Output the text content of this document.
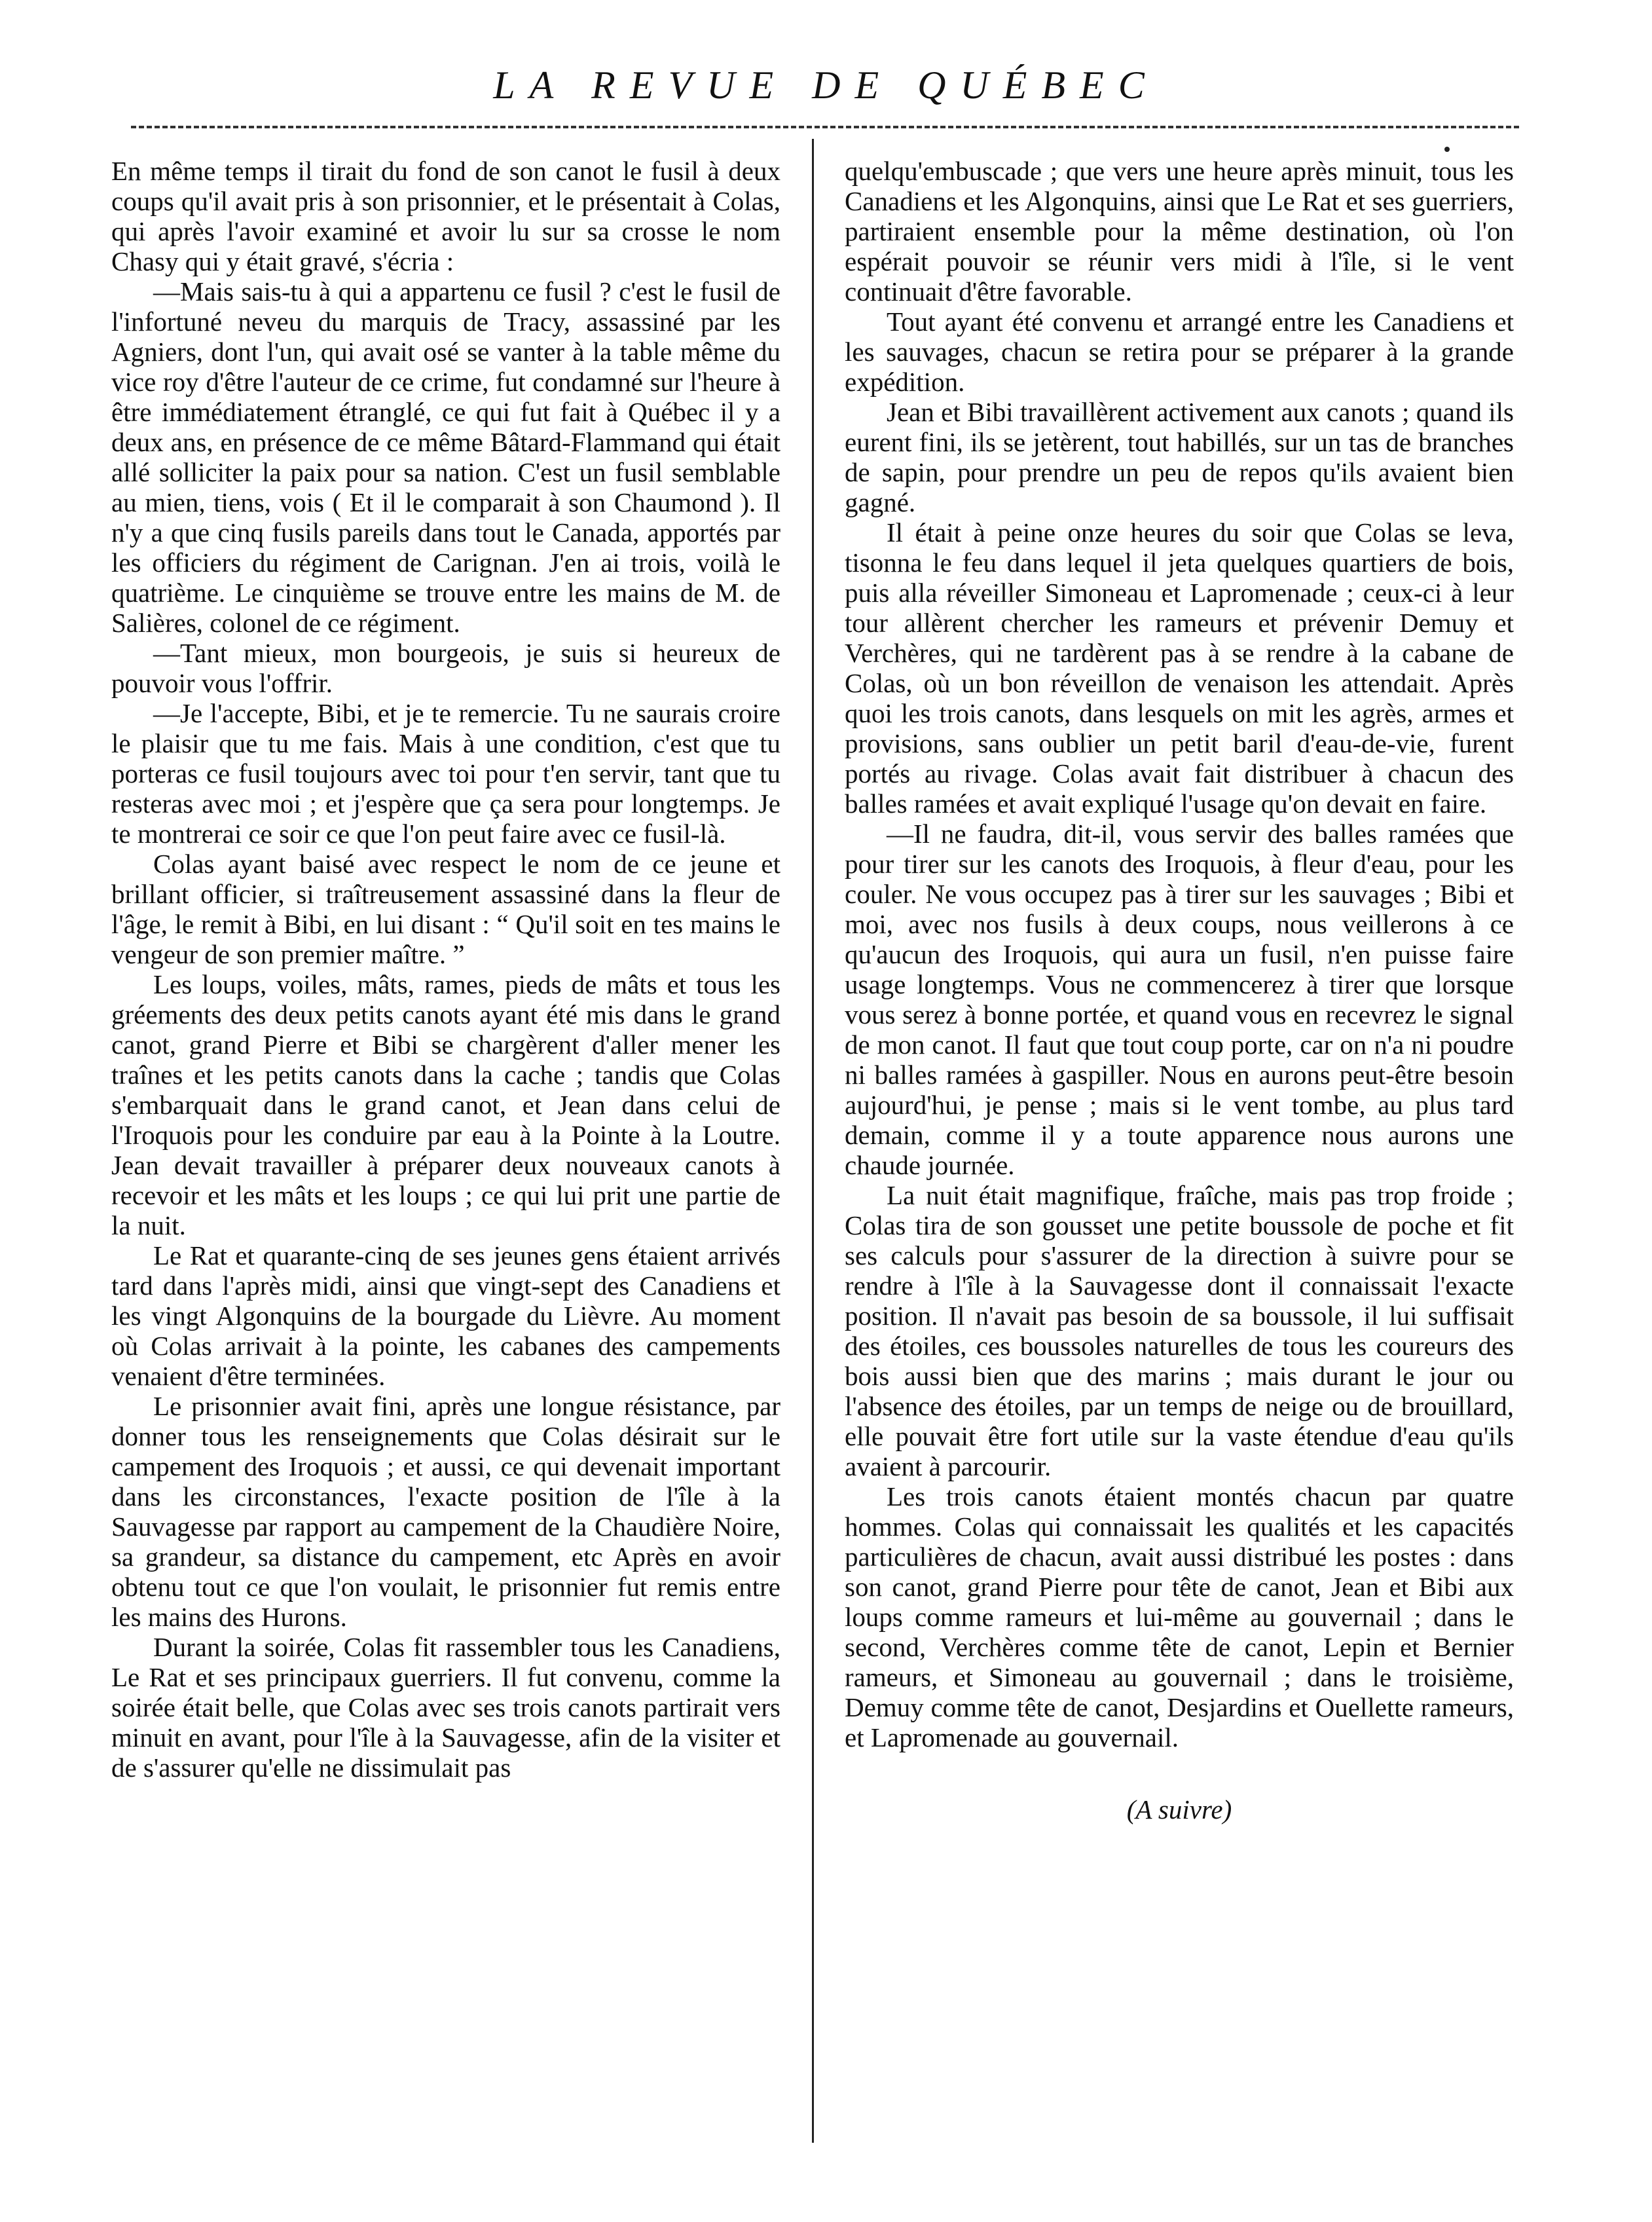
LA REVUE DE QUÉBEC

En même temps il tirait du fond de son canot le fusil à deux coups qu'il avait pris à son prisonnier, et le présentait à Colas, qui après l'avoir examiné et avoir lu sur sa crosse le nom Chasy qui y était gravé, s'écria :

—Mais sais-tu à qui a appartenu ce fusil ? c'est le fusil de l'infortuné neveu du marquis de Tracy, assassiné par les Agniers, dont l'un, qui avait osé se vanter à la table même du vice roy d'être l'auteur de ce crime, fut condamné sur l'heure à être immédiatement étranglé, ce qui fut fait à Québec il y a deux ans, en présence de ce même Bâtard-Flammand qui était allé solliciter la paix pour sa nation. C'est un fusil semblable au mien, tiens, vois ( Et il le comparait à son Chaumond ). Il n'y a que cinq fusils pareils dans tout le Canada, apportés par les officiers du régiment de Carignan. J'en ai trois, voilà le quatrième. Le cinquième se trouve entre les mains de M. de Salières, colonel de ce régiment.

—Tant mieux, mon bourgeois, je suis si heureux de pouvoir vous l'offrir.

—Je l'accepte, Bibi, et je te remercie. Tu ne saurais croire le plaisir que tu me fais. Mais à une condition, c'est que tu porteras ce fusil toujours avec toi pour t'en servir, tant que tu resteras avec moi ; et j'espère que ça sera pour longtemps. Je te montrerai ce soir ce que l'on peut faire avec ce fusil-là.

Colas ayant baisé avec respect le nom de ce jeune et brillant officier, si traîtreusement assassiné dans la fleur de l'âge, le remit à Bibi, en lui disant : “ Qu'il soit en tes mains le vengeur de son premier maître. ”

Les loups, voiles, mâts, rames, pieds de mâts et tous les gréements des deux petits canots ayant été mis dans le grand canot, grand Pierre et Bibi se chargèrent d'aller mener les traînes et les petits canots dans la cache ; tandis que Colas s'embarquait dans le grand canot, et Jean dans celui de l'Iroquois pour les conduire par eau à la Pointe à la Loutre. Jean devait travailler à préparer deux nouveaux canots à recevoir et les mâts et les loups ; ce qui lui prit une partie de la nuit.

Le Rat et quarante-cinq de ses jeunes gens étaient arrivés tard dans l'après midi, ainsi que vingt-sept des Canadiens et les vingt Algonquins de la bourgade du Lièvre. Au moment où Colas arrivait à la pointe, les cabanes des campements venaient d'être terminées.

Le prisonnier avait fini, après une longue résistance, par donner tous les renseignements que Colas désirait sur le campement des Iroquois ; et aussi, ce qui devenait important dans les circonstances, l'exacte position de l'île à la Sauvagesse par rapport au campement de la Chaudière Noire, sa grandeur, sa distance du campement, etc Après en avoir obtenu tout ce que l'on voulait, le prisonnier fut remis entre les mains des Hurons.

Durant la soirée, Colas fit rassembler tous les Canadiens, Le Rat et ses principaux guerriers. Il fut convenu, comme la soirée était belle, que Colas avec ses trois canots partirait vers minuit en avant, pour l'île à la Sauvagesse, afin de la visiter et de s'assurer qu'elle ne dissimulait pas

quelqu'embuscade ; que vers une heure après minuit, tous les Canadiens et les Algonquins, ainsi que Le Rat et ses guerriers, partiraient ensemble pour la même destination, où l'on espérait pouvoir se réunir vers midi à l'île, si le vent continuait d'être favorable.

Tout ayant été convenu et arrangé entre les Canadiens et les sauvages, chacun se retira pour se préparer à la grande expédition.

Jean et Bibi travaillèrent activement aux canots ; quand ils eurent fini, ils se jetèrent, tout habillés, sur un tas de branches de sapin, pour prendre un peu de repos qu'ils avaient bien gagné.

Il était à peine onze heures du soir que Colas se leva, tisonna le feu dans lequel il jeta quelques quartiers de bois, puis alla réveiller Simoneau et Lapromenade ; ceux-ci à leur tour allèrent chercher les rameurs et prévenir Demuy et Verchères, qui ne tardèrent pas à se rendre à la cabane de Colas, où un bon réveillon de venaison les attendait. Après quoi les trois canots, dans lesquels on mit les agrès, armes et provisions, sans oublier un petit baril d'eau-de-vie, furent portés au rivage. Colas avait fait distribuer à chacun des balles ramées et avait expliqué l'usage qu'on devait en faire.

—Il ne faudra, dit-il, vous servir des balles ramées que pour tirer sur les canots des Iroquois, à fleur d'eau, pour les couler. Ne vous occupez pas à tirer sur les sauvages ; Bibi et moi, avec nos fusils à deux coups, nous veillerons à ce qu'aucun des Iroquois, qui aura un fusil, n'en puisse faire usage longtemps. Vous ne commencerez à tirer que lorsque vous serez à bonne portée, et quand vous en recevrez le signal de mon canot. Il faut que tout coup porte, car on n'a ni poudre ni balles ramées à gaspiller. Nous en aurons peut-être besoin aujourd'hui, je pense ; mais si le vent tombe, au plus tard demain, comme il y a toute apparence nous aurons une chaude journée.

La nuit était magnifique, fraîche, mais pas trop froide ; Colas tira de son gousset une petite boussole de poche et fit ses calculs pour s'assurer de la direction à suivre pour se rendre à l'île à la Sauvagesse dont il connaissait l'exacte position. Il n'avait pas besoin de sa boussole, il lui suffisait des étoiles, ces boussoles naturelles de tous les coureurs des bois aussi bien que des marins ; mais durant le jour ou l'absence des étoiles, par un temps de neige ou de brouillard, elle pouvait être fort utile sur la vaste étendue d'eau qu'ils avaient à parcourir.

Les trois canots étaient montés chacun par quatre hommes. Colas qui connaissait les qualités et les capacités particulières de chacun, avait aussi distribué les postes : dans son canot, grand Pierre pour tête de canot, Jean et Bibi aux loups comme rameurs et lui-même au gouvernail ; dans le second, Verchères comme tête de canot, Lepin et Bernier rameurs, et Simoneau au gouvernail ; dans le troisième, Demuy comme tête de canot, Desjardins et Ouellette rameurs, et Lapromenade au gouvernail.

(A suivre)
